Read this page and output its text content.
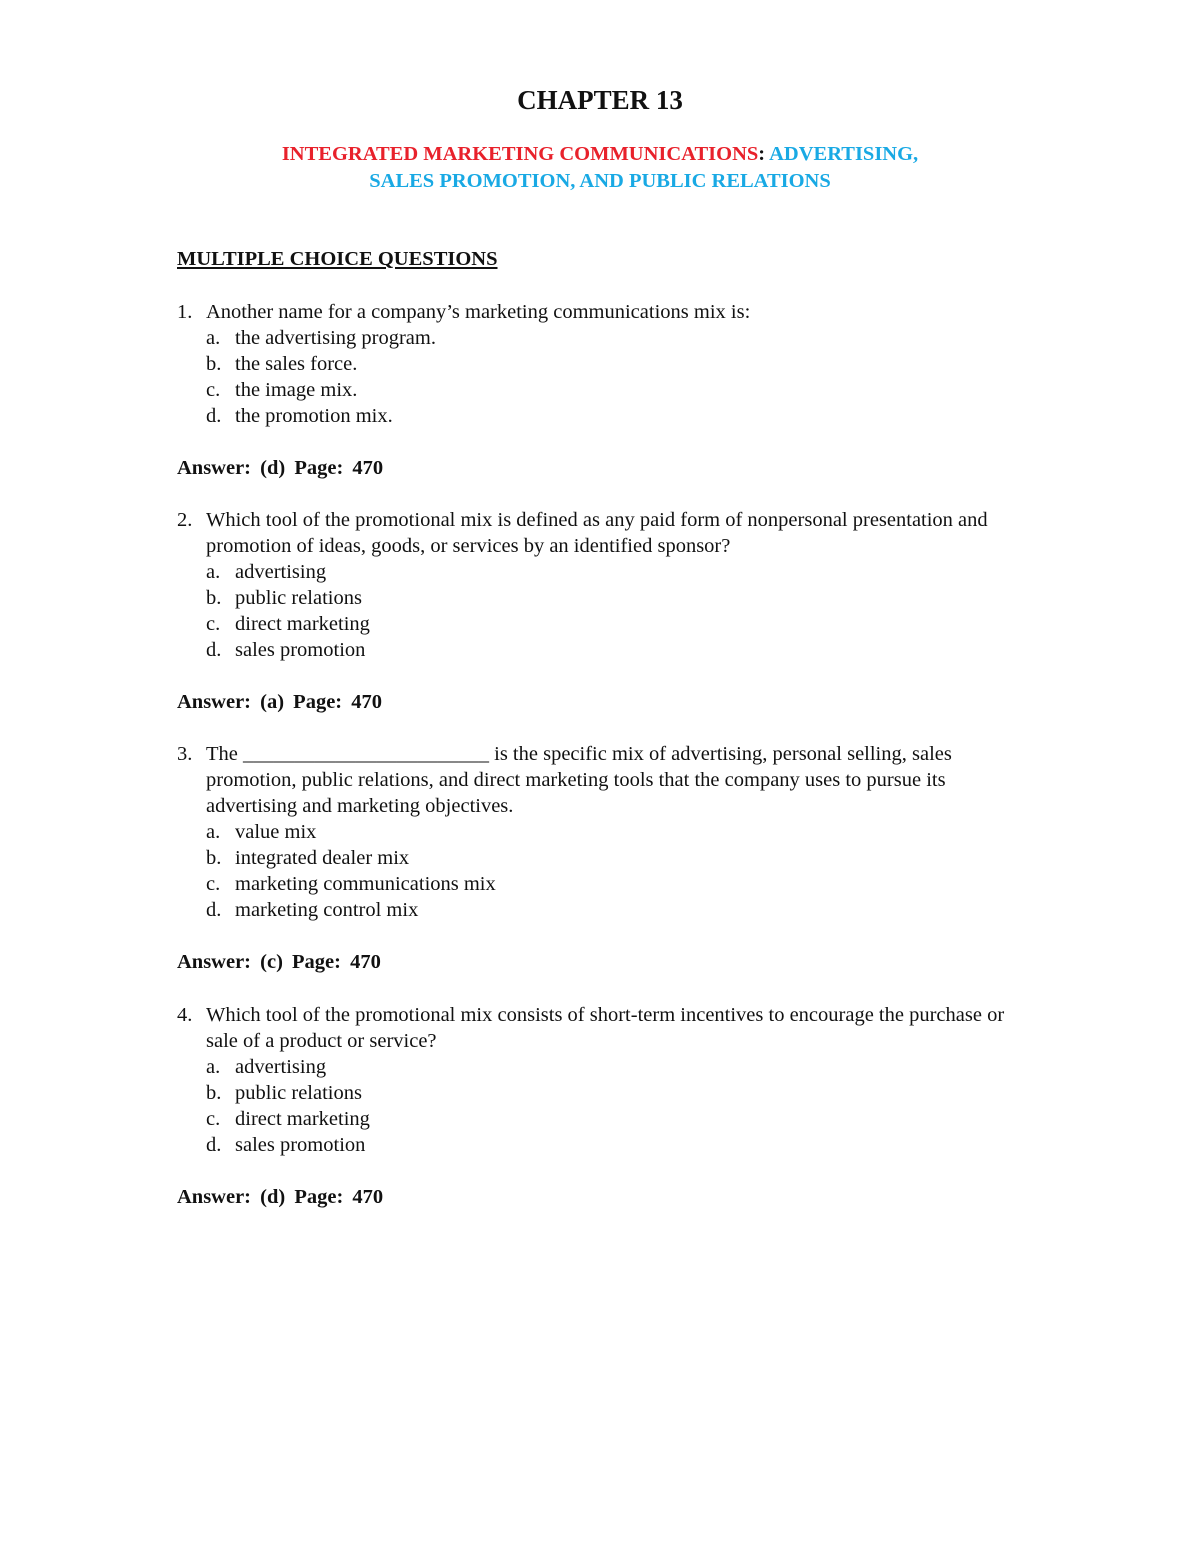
CHAPTER 13
INTEGRATED MARKETING COMMUNICATIONS: ADVERTISING,
SALES PROMOTION, AND PUBLIC RELATIONS
MULTIPLE CHOICE QUESTIONS
1. Another name for a company’s marketing communications mix is:
a. the advertising program.
b. the sales force.
c. the image mix.
d. the promotion mix.
Answer: (d) Page: 470
2. Which tool of the promotional mix is defined as any paid form of nonpersonal presentation and promotion of ideas, goods, or services by an identified sponsor?
a. advertising
b. public relations
c. direct marketing
d. sales promotion
Answer: (a) Page: 470
3. The ________________________ is the specific mix of advertising, personal selling, sales promotion, public relations, and direct marketing tools that the company uses to pursue its advertising and marketing objectives.
a. value mix
b. integrated dealer mix
c. marketing communications mix
d. marketing control mix
Answer: (c) Page: 470
4. Which tool of the promotional mix consists of short-term incentives to encourage the purchase or sale of a product or service?
a. advertising
b. public relations
c. direct marketing
d. sales promotion
Answer: (d) Page: 470
